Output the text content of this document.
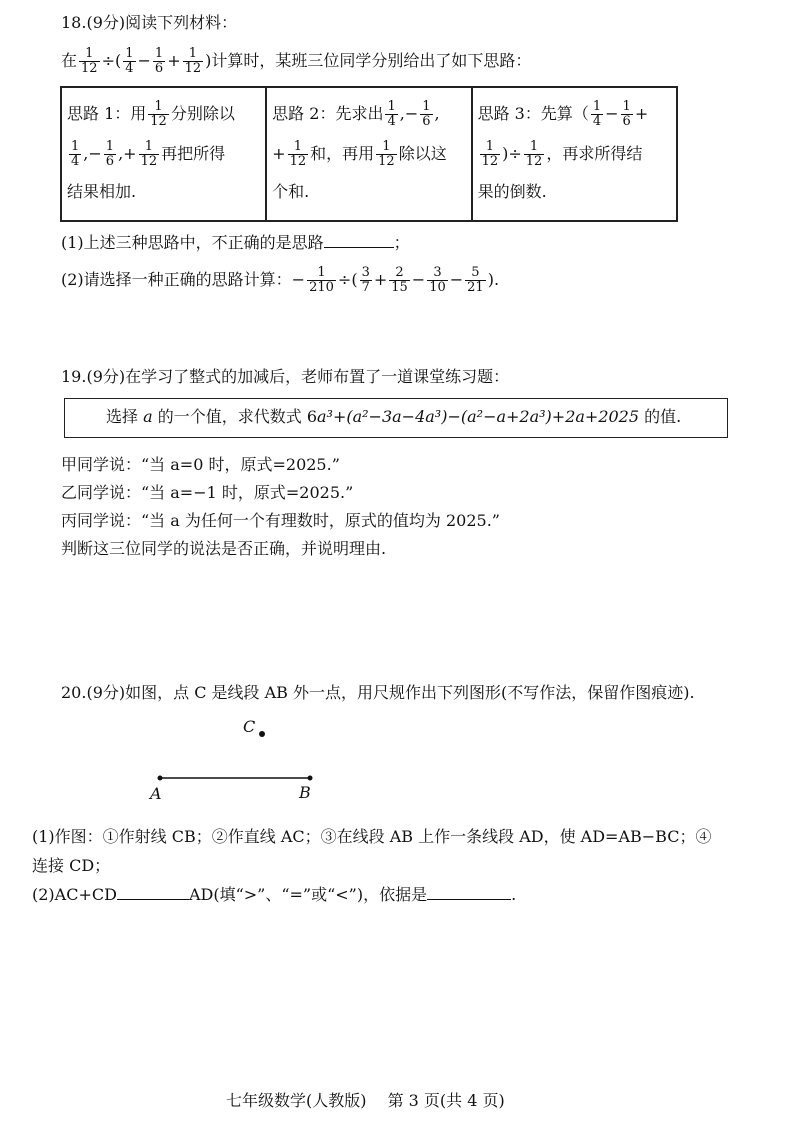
18.(9分)阅读下列材料：
在 $\frac{1}{12}$ ÷( $\frac{1}{4} - \frac{1}{6} + \frac{1}{12}$ )计算时，某班三位同学分别给出了如下思路：
思路 1：用 $\frac{1}{12}$ 分别除以
$\frac{1}{4}$ ,− $\frac{1}{6}$ ,+ $\frac{1}{12}$ 再把所得
结果相加.

思路 2：先求出 $\frac{1}{4}$ ,− $\frac{1}{6}$ ,
+ $\frac{1}{12}$ 和，再用 $\frac{1}{12}$ 除以这
个和.

思路 3：先算（ $\frac{1}{4} - \frac{1}{6}$ +
$\frac{1}{12}$ )÷ $\frac{1}{12}$ ，再求所得结
果的倒数.
(1)上述三种思路中，不正确的是思路	；
(2)请选择一种正确的思路计算：− $\frac{1}{210}$ ÷( $\frac{3}{7} + \frac{2}{15} - \frac{3}{10} - \frac{5}{21}$ ).
19.(9分)在学习了整式的加减后，老师布置了一道课堂练习题：
选择 a 的一个值，求代数式 6a³+(a²−3a−4a³)−(a²−a+2a³)+2a+2025 的值.
甲同学说：“当 a=0 时，原式=2025.”
乙同学说：“当 a=−1 时，原式=2025.”
丙同学说：“当 a 为任何一个有理数时，原式的值均为 2025.”
判断这三位同学的说法是否正确，并说明理由.
20.(9分)如图，点 C 是线段 AB 外一点，用尺规作出下列图形(不写作法，保留作图痕迹).
C
A	B
(1)作图：①作射线 CB；②作直线 AC；③在线段 AB 上作一条线段 AD，使 AD=AB−BC；④
连接 CD；
(2)AC+CD	AD(填“>”、“=”或“<”)，依据是	.
七年级数学(人教版)　 第 3 页(共 4 页)
